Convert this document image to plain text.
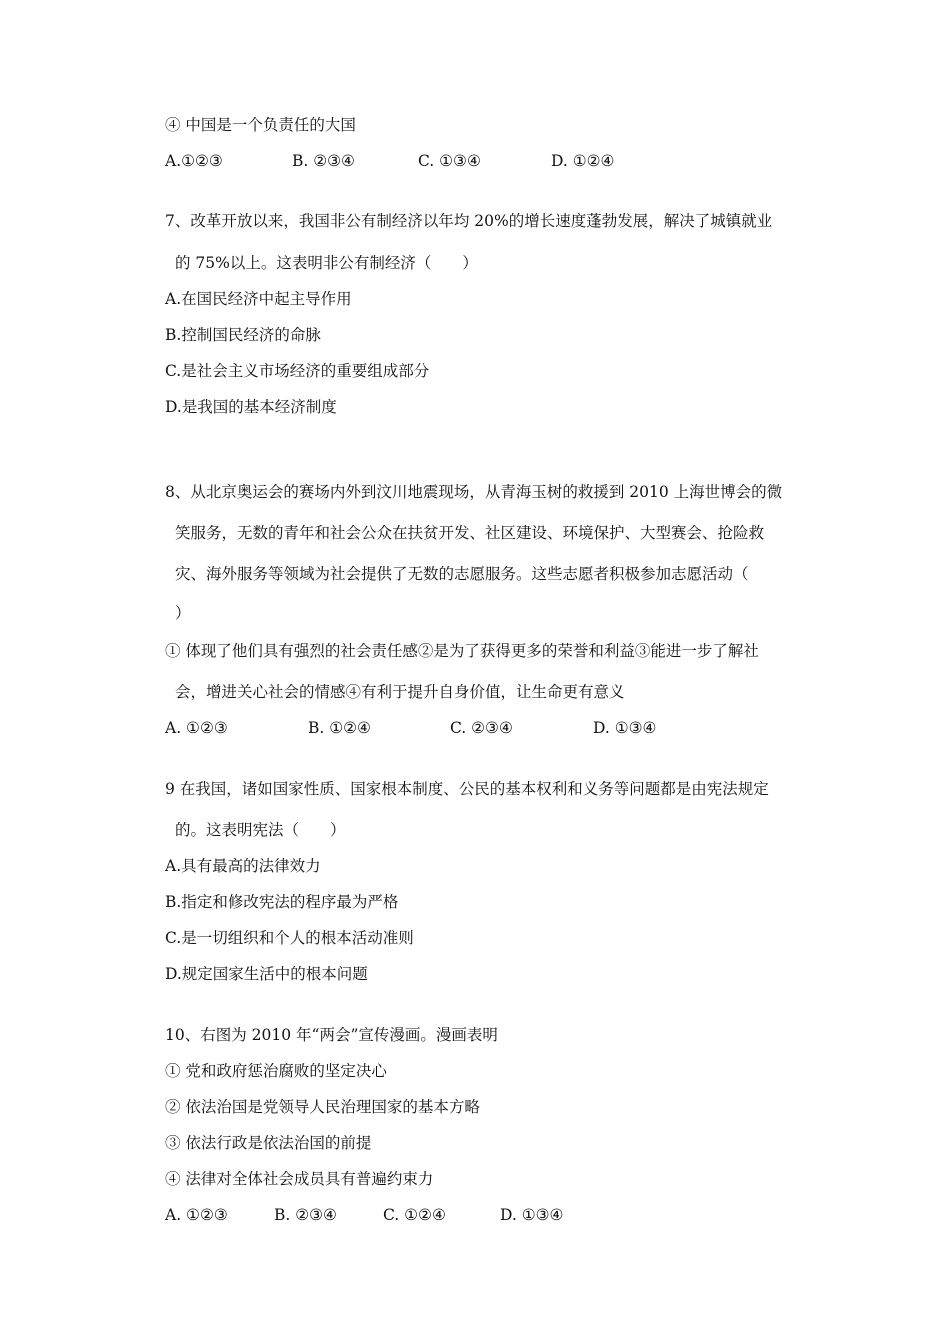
④ 中国是一个负责任的大国
A.①②③	B. ②③④	C. ①③④	D. ①②④
7、改革开放以来，我国非公有制经济以年均 20%的增长速度蓬勃发展，解决了城镇就业
的 75%以上。这表明非公有制经济（　　）
A.在国民经济中起主导作用
B.控制国民经济的命脉
C.是社会主义市场经济的重要组成部分
D.是我国的基本经济制度
8、从北京奥运会的赛场内外到汶川地震现场，从青海玉树的救援到 2010 上海世博会的微
笑服务，无数的青年和社会公众在扶贫开发、社区建设、环境保护、大型赛会、抢险救
灾、海外服务等领域为社会提供了无数的志愿服务。这些志愿者积极参加志愿活动（
）
① 体现了他们具有强烈的社会责任感②是为了获得更多的荣誉和利益③能进一步了解社
会，增进关心社会的情感④有利于提升自身价值，让生命更有意义
A. ①②③	B. ①②④	C. ②③④	D. ①③④
9 在我国，诸如国家性质、国家根本制度、公民的基本权利和义务等问题都是由宪法规定
的。这表明宪法（　　）
A.具有最高的法律效力
B.指定和修改宪法的程序最为严格
C.是一切组织和个人的根本活动准则
D.规定国家生活中的根本问题
10、右图为 2010 年“两会”宣传漫画。漫画表明
① 党和政府惩治腐败的坚定决心
② 依法治国是党领导人民治理国家的基本方略
③ 依法行政是依法治国的前提
④ 法律对全体社会成员具有普遍约束力
A. ①②③	B. ②③④	C. ①②④	D. ①③④
